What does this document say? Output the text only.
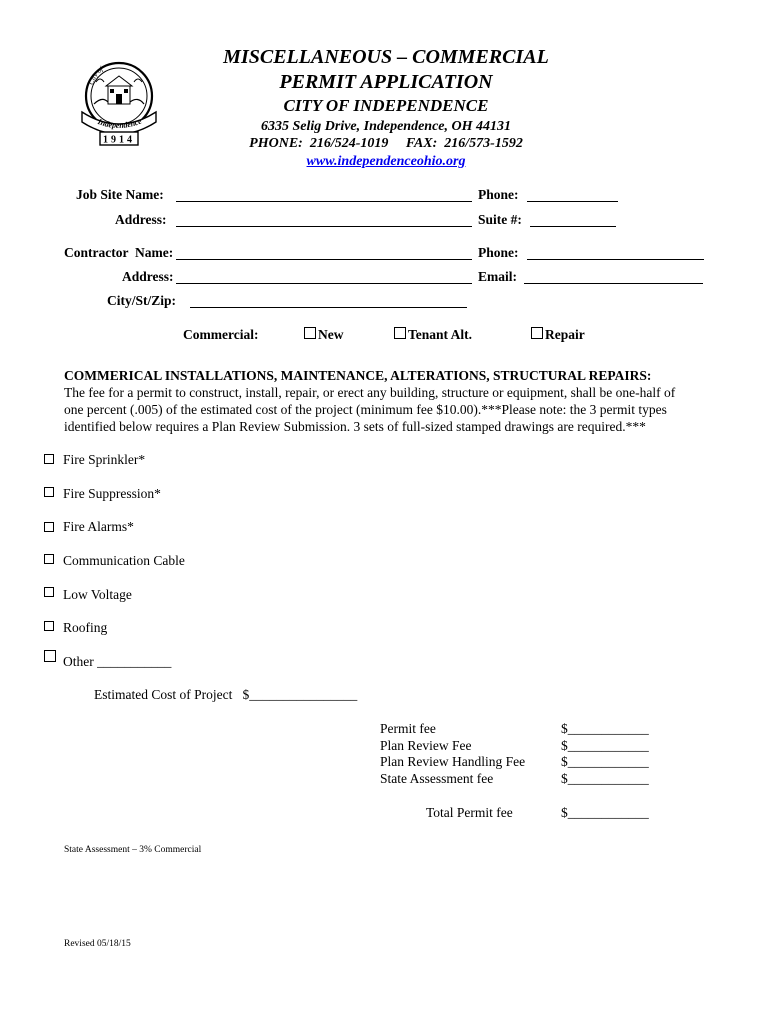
City of
Independence
1914
MISCELLANEOUS – COMMERCIAL
PERMIT APPLICATION
CITY OF INDEPENDENCE
6335 Selig Drive, Independence, OH 44131
PHONE:  216/524-1019     FAX:  216/573-1592
www.independenceohio.org
Job Site Name:	Phone:
Address:	Suite #:
Contractor  Name:	Phone:
Address:	Email:
City/St/Zip:
Commercial:	New	Tenant Alt.	Repair
COMMERICAL INSTALLATIONS, MAINTENANCE, ALTERATIONS, STRUCTURAL REPAIRS:
The fee for a permit to construct, install, repair, or erect any building, structure or equipment, shall be one-half of
one percent (.005) of the estimated cost of the project (minimum fee $10.00).***Please note: the 3 permit types
identified below requires a Plan Review Submission. 3 sets of full-sized stamped drawings are required.***
Fire Sprinkler*
Fire Suppression*
Fire Alarms*
Communication Cable
Low Voltage
Roofing
Other ___________
Estimated Cost of Project   $________________
Permit fee	$____________
Plan Review Fee	$____________
Plan Review Handling Fee	$____________
State Assessment fee	$____________
Total Permit fee	$____________
State Assessment – 3% Commercial
Revised 05/18/15
